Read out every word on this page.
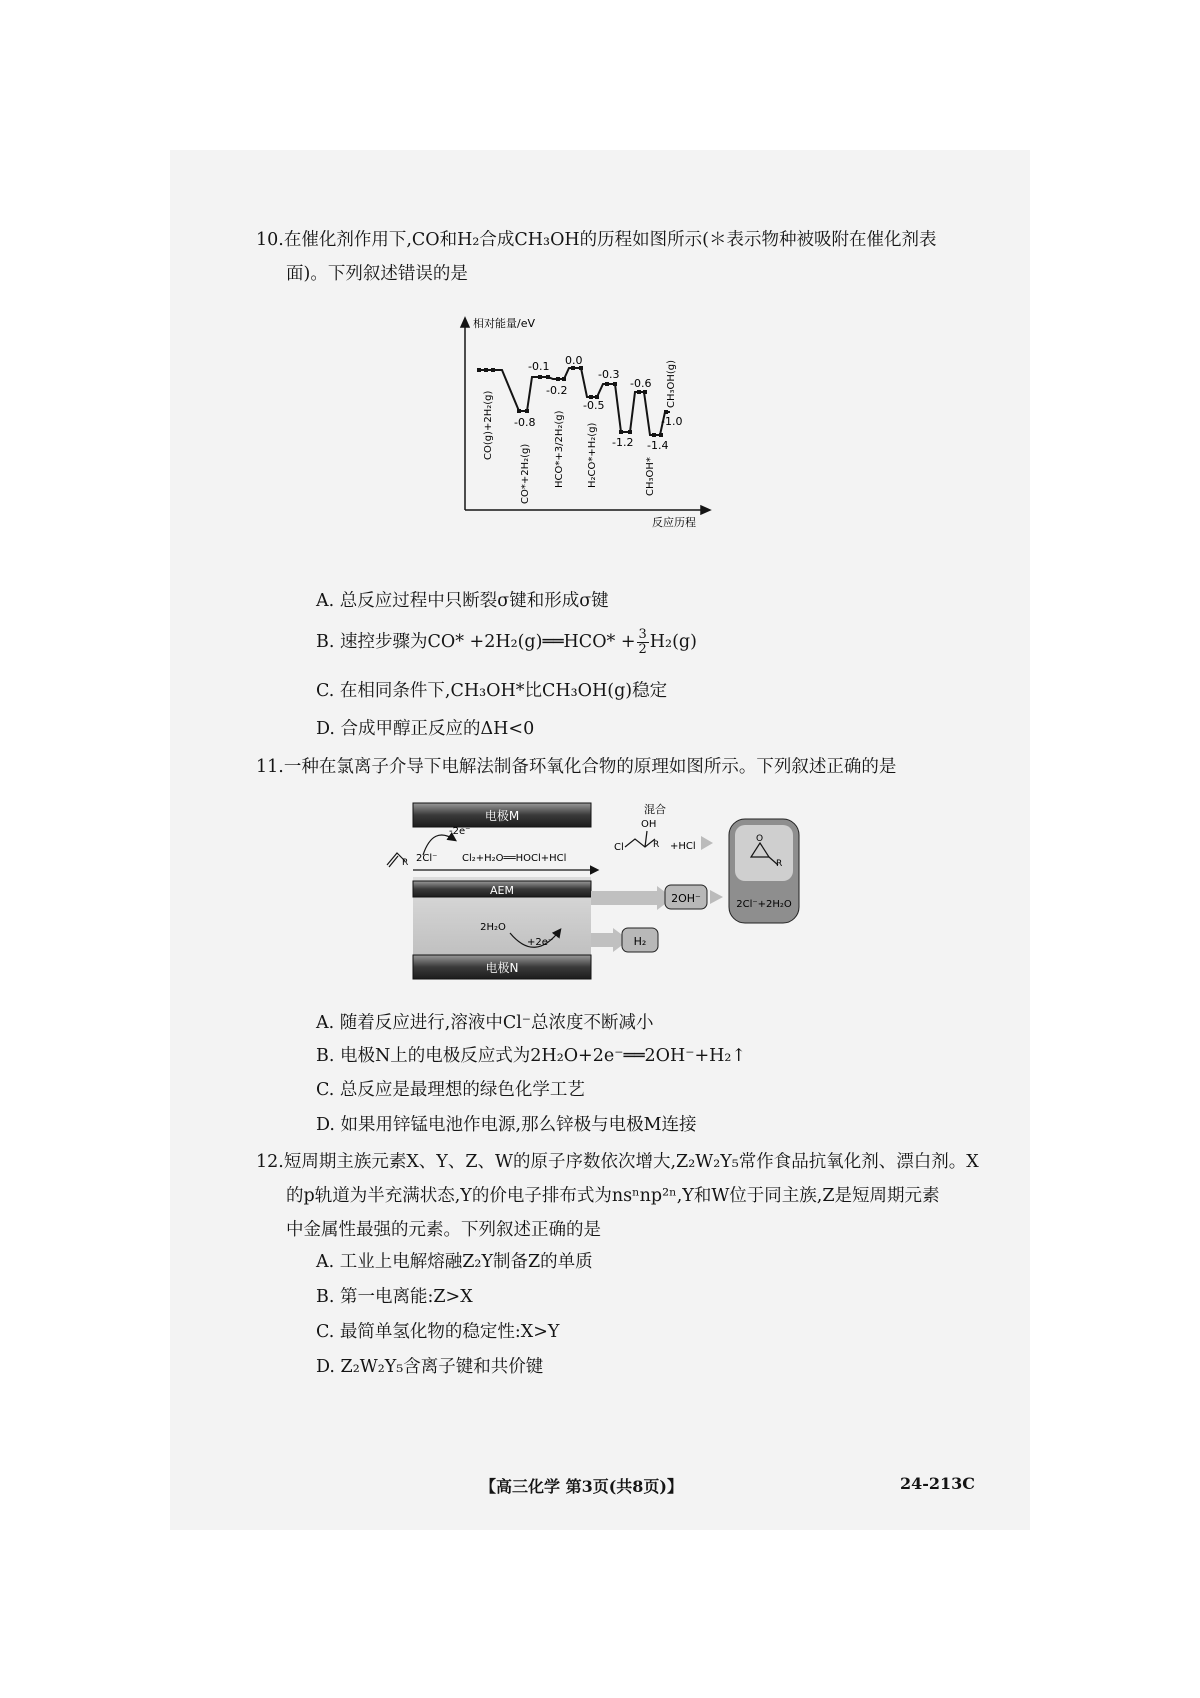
10.在催化剂作用下,CO和H₂合成CH₃OH的历程如图所示(＊表示物种被吸附在催化剂表
面)。下列叙述错误的是
相对能量/eV
反应历程
-0.8
-0.1
-0.2
0.0
-0.5
-0.3
-1.2
-0.6
-1.4
-1.0
CO(g)+2H₂(g)
CO*+2H₂(g) HCO*+3/2H₂(g) H₂CO*+H₂(g)	CH₃OH*
CH₃OH(g)
A. 总反应过程中只断裂σ键和形成σ键
B. 速控步骤为CO* +2H₂(g)══HCO* + $\frac{3}{2} H_2(g)$
C. 在相同条件下,CH₃OH*比CH₃OH(g)稳定
D. 合成甲醇正反应的ΔH<0
11.一种在氯离子介导下电解法制备环氧化合物的原理如图所示。下列叙述正确的是
电极M
AEM
电极N
-2e⁻
2Cl⁻ Cl₂+H₂O══HOCl+HCl
2H₂O
+2e⁻
R
混合
Cl
OH
R +HCl
2OH⁻
H₂
O
R
2Cl⁻+2H₂O
A. 随着反应进行,溶液中Cl⁻总浓度不断减小
B. 电极N上的电极反应式为2H₂O+2e⁻══2OH⁻+H₂↑
C. 总反应是最理想的绿色化学工艺
D. 如果用锌锰电池作电源,那么锌极与电极M连接
12.短周期主族元素X、Y、Z、W的原子序数依次增大,Z₂W₂Y₅常作食品抗氧化剂、漂白剂。X
的p轨道为半充满状态,Y的价电子排布式为nsⁿnp²ⁿ,Y和W位于同主族,Z是短周期元素
中金属性最强的元素。下列叙述正确的是
A. 工业上电解熔融Z₂Y制备Z的单质
B. 第一电离能:Z>X
C. 最简单氢化物的稳定性:X>Y
D. Z₂W₂Y₅含离子键和共价键
【高三化学 第3页(共8页)】	24-213C
